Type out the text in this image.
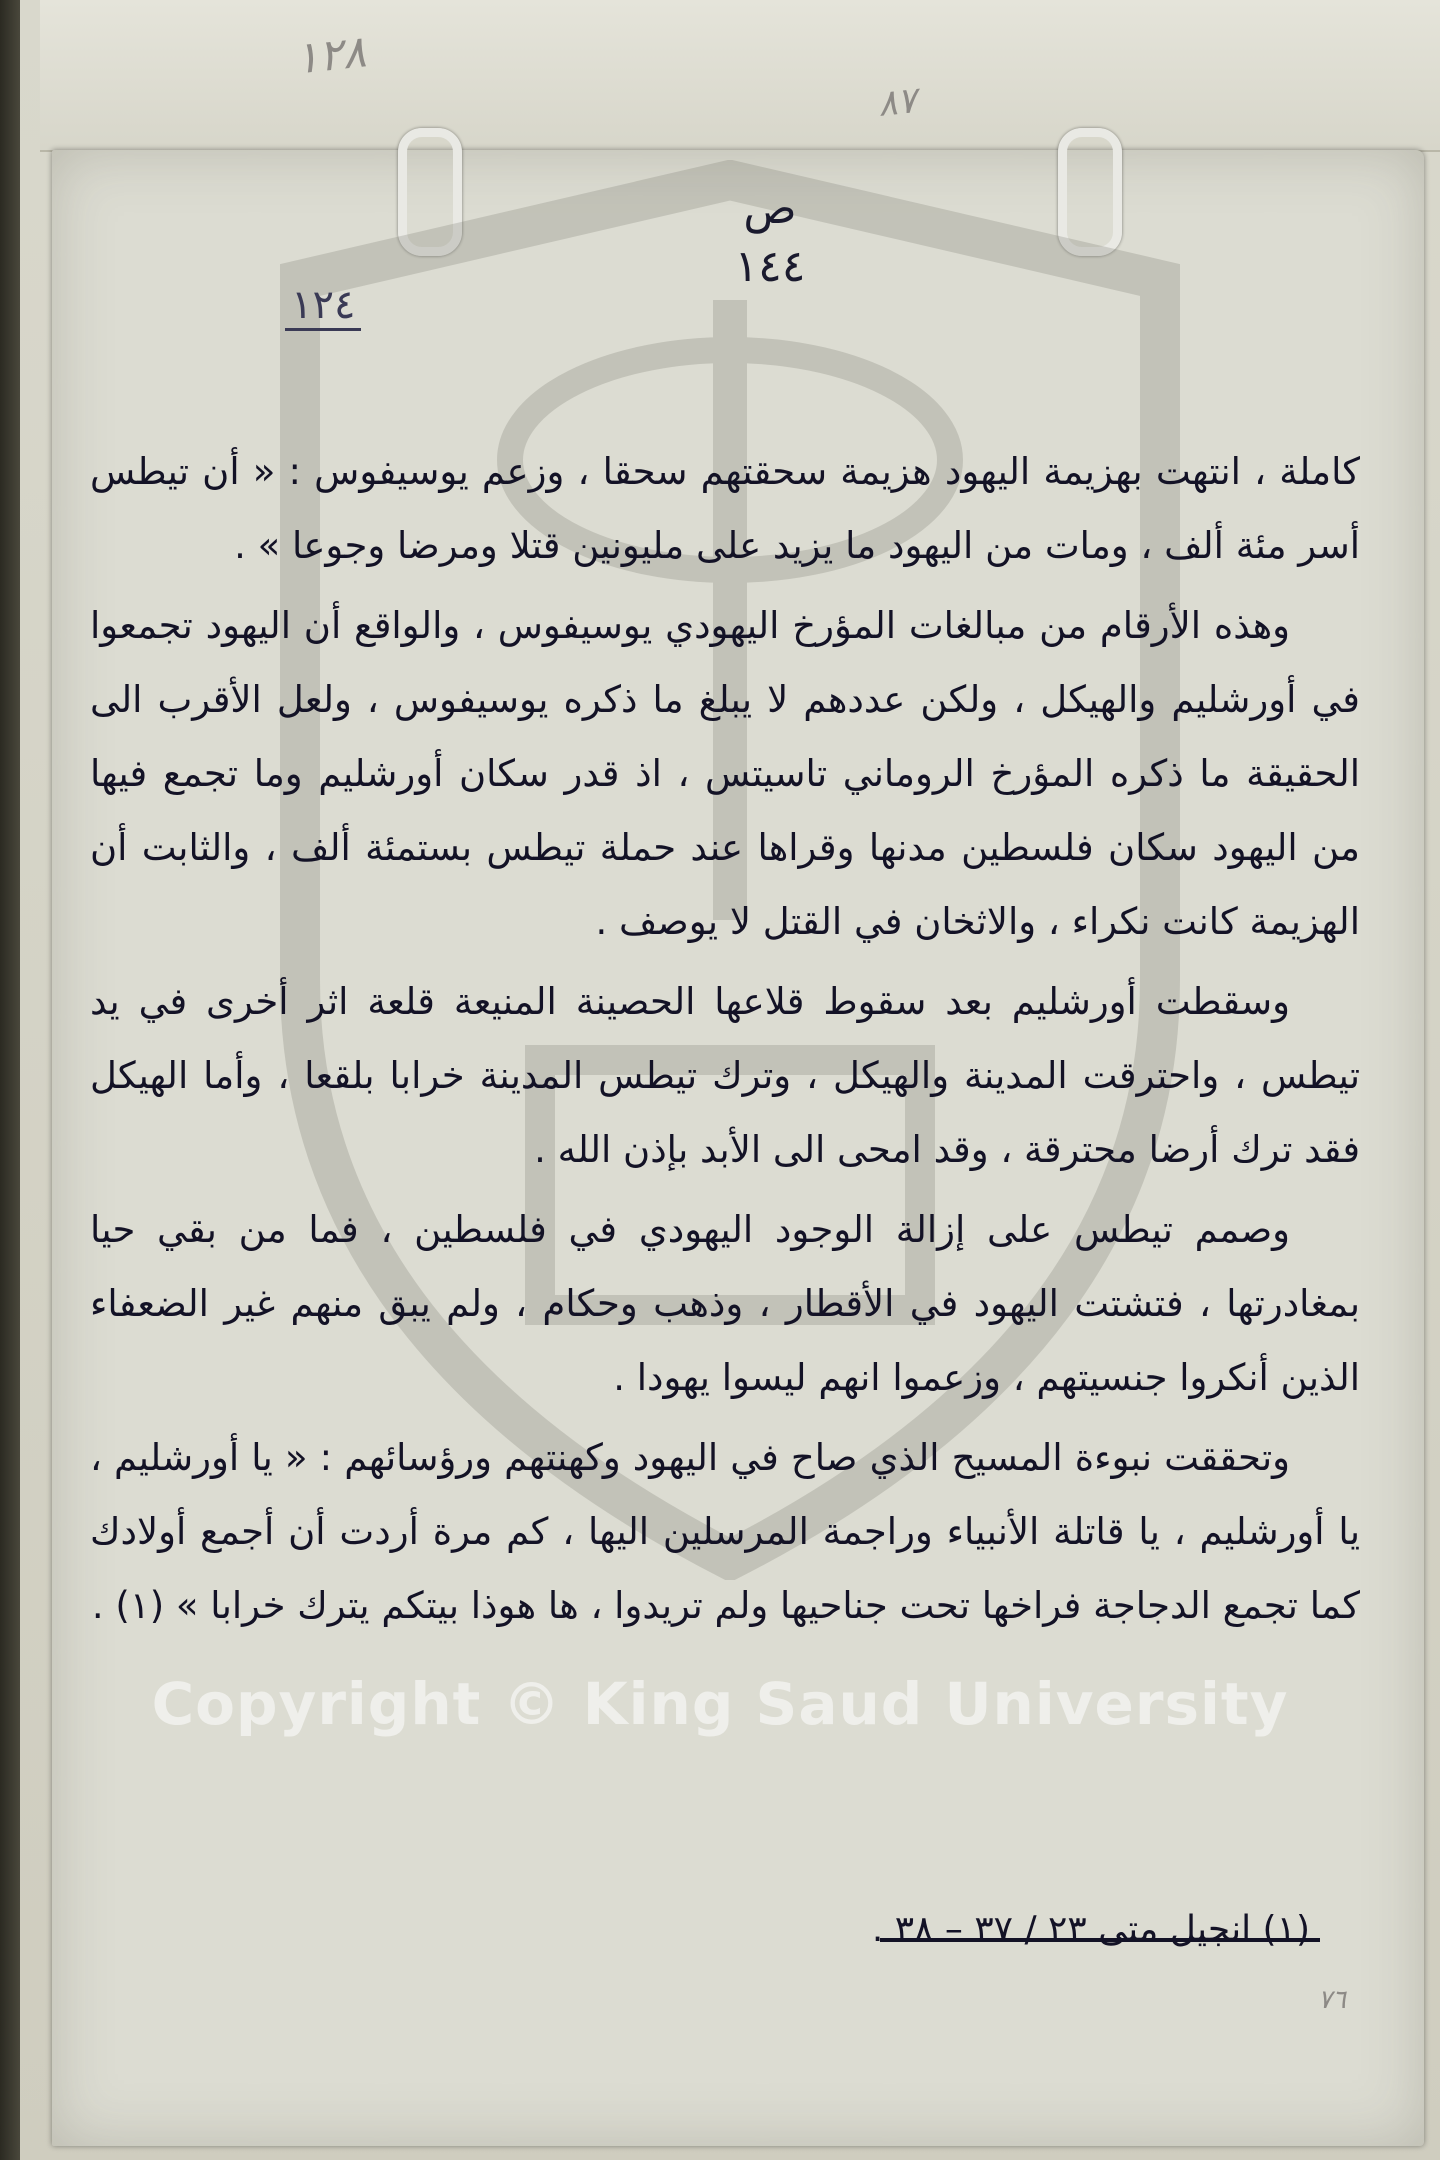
١٢٨
٨٧
ص
١٤٤
١٢٤

كاملة ، انتهت بهزيمة اليهود هزيمة سحقتهم سحقا ، وزعم يوسيفوس : « أن تيطس أسر مئة ألف ، ومات من اليهود ما يزيد على مليونين قتلا ومرضا وجوعا » .

وهذه الأرقام من مبالغات المؤرخ اليهودي يوسيفوس ، والواقع أن اليهود تجمعوا في أورشليم والهيكل ، ولكن عددهم لا يبلغ ما ذكره يوسيفوس ، ولعل الأقرب الى الحقيقة ما ذكره المؤرخ الروماني تاسيتس ، اذ قدر سكان أورشليم وما تجمع فيها من اليهود سكان فلسطين مدنها وقراها عند حملة تيطس بستمئة ألف ، والثابت أن الهزيمة كانت نكراء ، والاثخان في القتل لا يوصف .

وسقطت أورشليم بعد سقوط قلاعها الحصينة المنيعة قلعة اثر أخرى في يد تيطس ، واحترقت المدينة والهيكل ، وترك تيطس المدينة خرابا بلقعا ، وأما الهيكل فقد ترك أرضا محترقة ، وقد امحى الى الأبد بإذن الله .

وصمم تيطس على إزالة الوجود اليهودي في فلسطين ، فما من بقي حيا بمغادرتها ، فتشتت اليهود في الأقطار ، وذهب وحكام ، ولم يبق منهم غير الضعفاء الذين أنكروا جنسيتهم ، وزعموا انهم ليسوا يهودا .

وتحققت نبوءة المسيح الذي صاح في اليهود وكهنتهم ورؤسائهم : « يا أورشليم ، يا أورشليم ، يا قاتلة الأنبياء وراجمة المرسلين اليها ، كم مرة أردت أن أجمع أولادك كما تجمع الدجاجة فراخها تحت جناحيها ولم تريدوا ، ها هوذا بيتكم يترك خرابا » (١) .

(١) انجيل متى ٢٣ / ٣٧ – ٣٨ .
٧٦
Copyright © King Saud University
